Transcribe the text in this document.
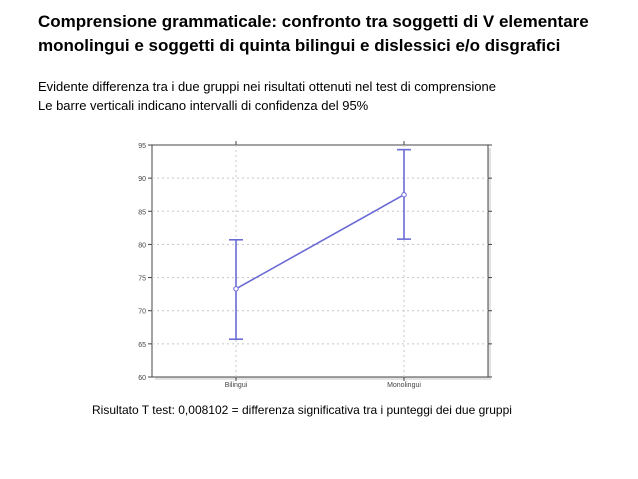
Comprensione grammaticale: confronto tra soggetti di V elementare
monolingui e soggetti di quinta bilingui e dislessici e/o disgrafici
Evidente differenza tra i due gruppi nei risultati ottenuti nel test di comprensione
Le barre verticali indicano intervalli di confidenza del 95%
60
65
70
75
80
85
90
95
Bilingui	Monolingui
Risultato T test: 0,008102 = differenza significativa tra i punteggi dei due gruppi
